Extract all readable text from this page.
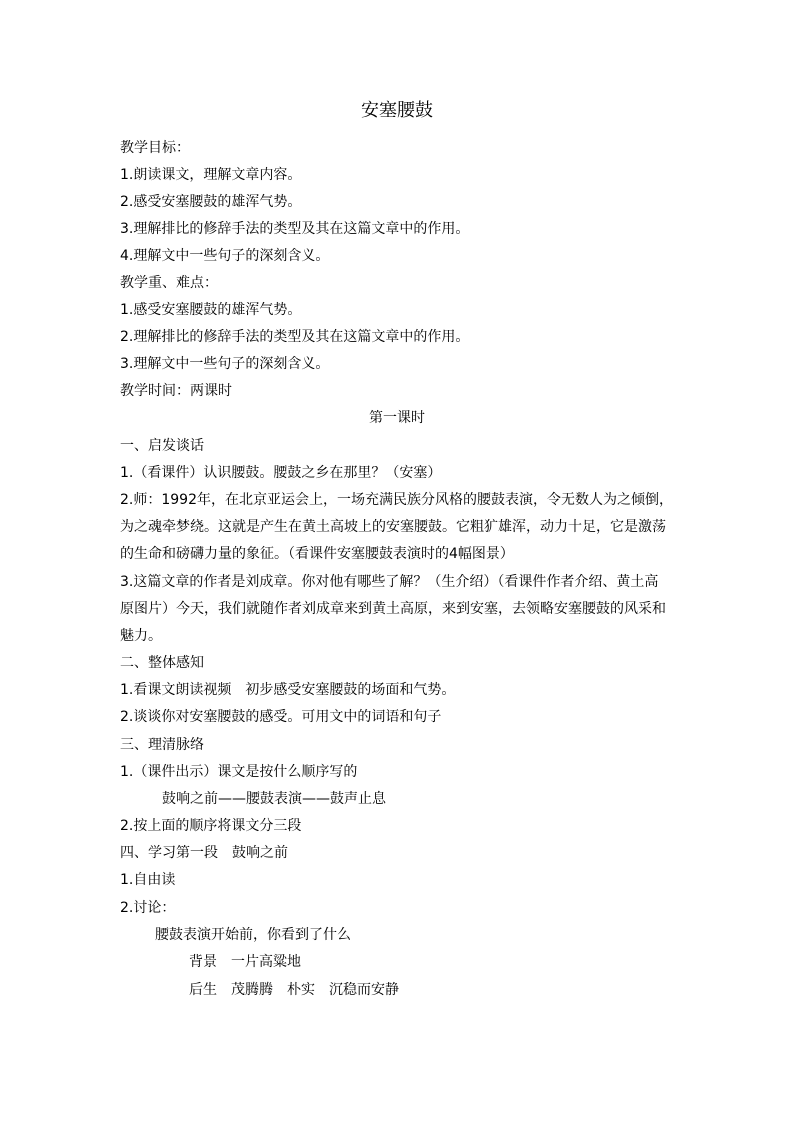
安塞腰鼓
教学目标：
1.朗读课文，理解文章内容。
2.感受安塞腰鼓的雄浑气势。
3.理解排比的修辞手法的类型及其在这篇文章中的作用。
4.理解文中一些句子的深刻含义。
教学重、难点：
1.感受安塞腰鼓的雄浑气势。
2.理解排比的修辞手法的类型及其在这篇文章中的作用。
3.理解文中一些句子的深刻含义。
教学时间：两课时
第一课时
一、启发谈话
1.（看课件）认识腰鼓。腰鼓之乡在那里？（安塞）
2.师：1992年，在北京亚运会上，一场充满民族分风格的腰鼓表演，令无数人为之倾倒，
为之魂牵梦绕。这就是产生在黄土高坡上的安塞腰鼓。它粗犷雄浑，动力十足，它是激荡
的生命和磅礴力量的象征。（看课件安塞腰鼓表演时的4幅图景）
3.这篇文章的作者是刘成章。你对他有哪些了解？（生介绍）（看课件作者介绍、黄土高
原图片）今天，我们就随作者刘成章来到黄土高原，来到安塞，去领略安塞腰鼓的风采和
魅力。
二、整体感知
1.看课文朗读视频　初步感受安塞腰鼓的场面和气势。
2.谈谈你对安塞腰鼓的感受。可用文中的词语和句子
三、理清脉络
1.（课件出示）课文是按什么顺序写的
鼓响之前——腰鼓表演——鼓声止息
2.按上面的顺序将课文分三段
四、学习第一段　鼓响之前
1.自由读
2.讨论：
腰鼓表演开始前，你看到了什么
背景　一片高粱地
后生　茂腾腾　朴实　沉稳而安静
